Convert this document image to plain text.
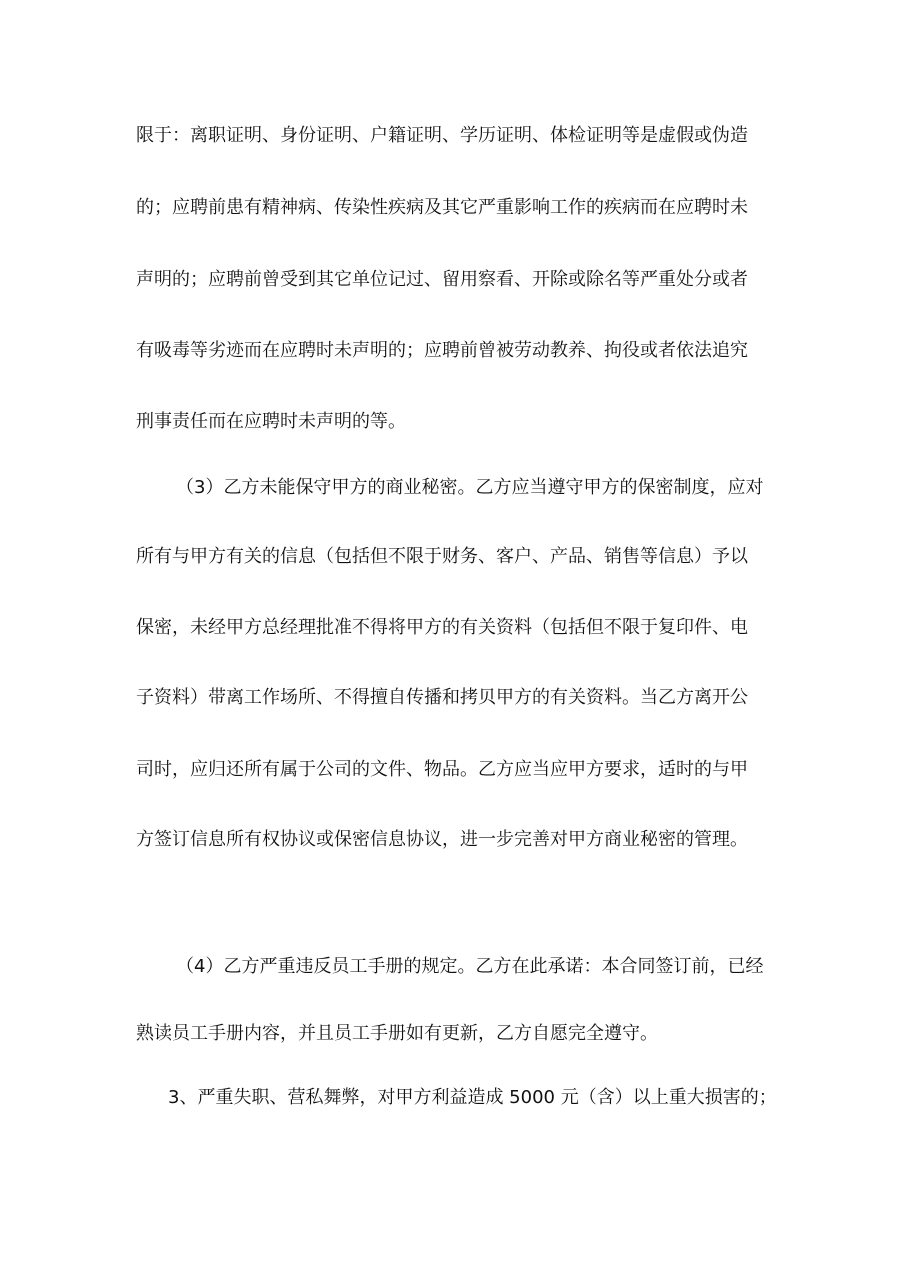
限于：离职证明、身份证明、户籍证明、学历证明、体检证明等是虚假或伪造
的；应聘前患有精神病、传染性疾病及其它严重影响工作的疾病而在应聘时未
声明的；应聘前曾受到其它单位记过、留用察看、开除或除名等严重处分或者
有吸毒等劣迹而在应聘时未声明的；应聘前曾被劳动教养、拘役或者依法追究
刑事责任而在应聘时未声明的等。
（3）乙方未能保守甲方的商业秘密。乙方应当遵守甲方的保密制度，应对
所有与甲方有关的信息（包括但不限于财务、客户、产品、销售等信息）予以
保密，未经甲方总经理批准不得将甲方的有关资料（包括但不限于复印件、电
子资料）带离工作场所、不得擅自传播和拷贝甲方的有关资料。当乙方离开公
司时，应归还所有属于公司的文件、物品。乙方应当应甲方要求，适时的与甲
方签订信息所有权协议或保密信息协议，进一步完善对甲方商业秘密的管理。
（4）乙方严重违反员工手册的规定。乙方在此承诺：本合同签订前，已经
熟读员工手册内容，并且员工手册如有更新，乙方自愿完全遵守。
3、严重失职、营私舞弊，对甲方利益造成 5000 元（含）以上重大损害的；
